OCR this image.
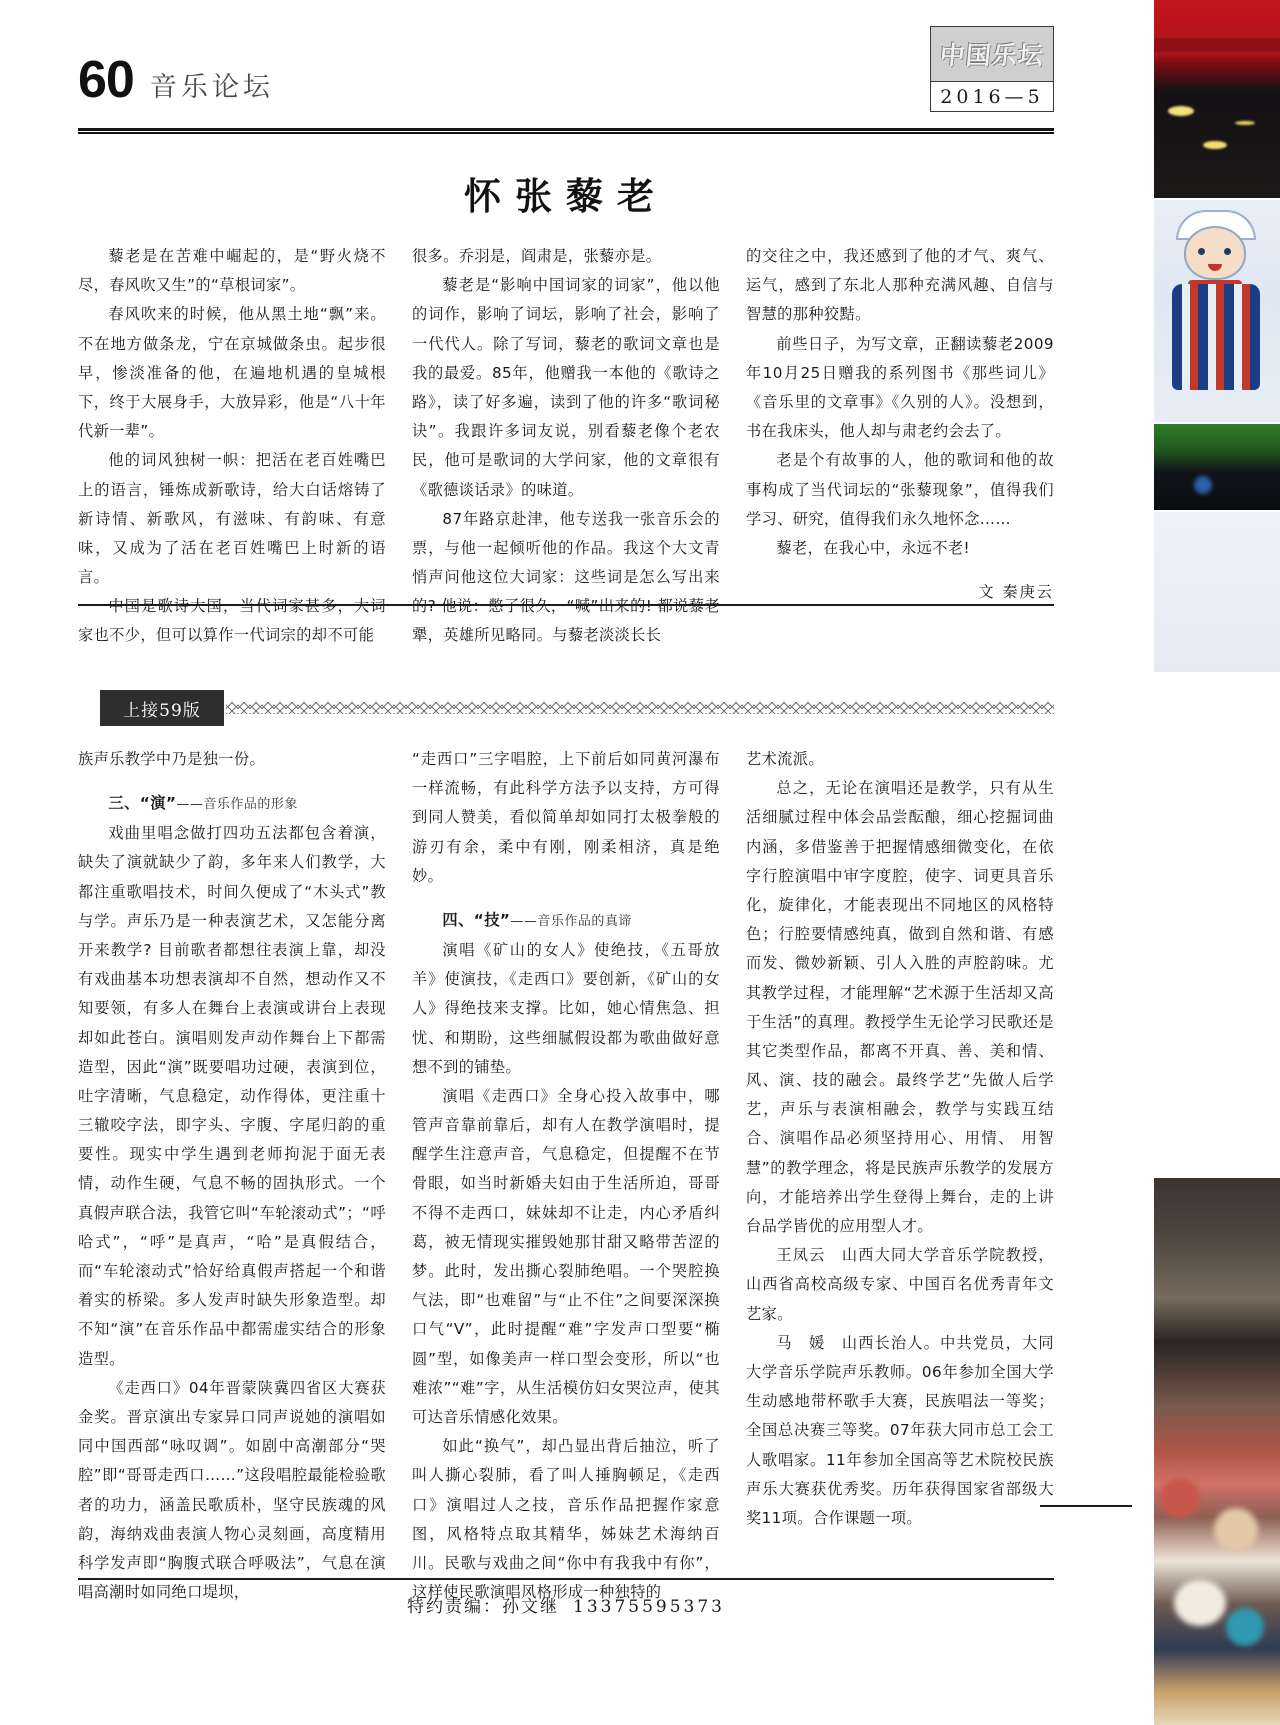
60 音乐论坛
中国乐坛
2016—5
怀张藜老

藜老是在苦难中崛起的，是“野火烧不尽，春风吹又生”的“草根词家”。

春风吹来的时候，他从黑土地“飘”来。不在地方做条龙，宁在京城做条虫。起步很早，惨淡准备的他，在遍地机遇的皇城根下，终于大展身手，大放异彩，他是“八十年代新一辈”。

他的词风独树一帜：把活在老百姓嘴巴上的语言，锤炼成新歌诗，给大白话熔铸了新诗情、新歌风，有滋味、有韵味、有意味，又成为了活在老百姓嘴巴上时新的语言。

中国是歌诗大国，当代词家甚多，大词家也不少，但可以算作一代词宗的却不可能

很多。乔羽是，阎肃是，张藜亦是。

藜老是“影响中国词家的词家”，他以他的词作，影响了词坛，影响了社会，影响了一代代人。除了写词，藜老的歌词文章也是我的最爱。85年，他赠我一本他的《歌诗之路》，读了好多遍，读到了他的许多“歌词秘诀”。我跟许多词友说，别看藜老像个老农民，他可是歌词的大学问家，他的文章很有《歌德谈话录》的味道。

87年路京赴津，他专送我一张音乐会的票，与他一起倾听他的作品。我这个大文青悄声问他这位大词家：这些词是怎么写出来的? 他说：憋了很久，“喊”出来的! 都说藜老犟，英雄所见略同。与藜老淡淡长长

的交往之中，我还感到了他的才气、爽气、运气，感到了东北人那种充满风趣、自信与智慧的那种狡黠。

前些日子，为写文章，正翻读藜老2009年10月25日赠我的系列图书《那些词儿》《音乐里的文章事》《久别的人》。没想到，书在我床头，他人却与肃老约会去了。

老是个有故事的人，他的歌词和他的故事构成了当代词坛的“张藜现象”，值得我们学习、研究，值得我们永久地怀念……

藜老，在我心中，永远不老!

文 秦庚云
上接59版

族声乐教学中乃是独一份。

三、“演”——音乐作品的形象

戏曲里唱念做打四功五法都包含着演，缺失了演就缺少了韵，多年来人们教学，大都注重歌唱技术，时间久便成了“木头式”教与学。声乐乃是一种表演艺术，又怎能分离开来教学? 目前歌者都想往表演上靠，却没有戏曲基本功想表演却不自然，想动作又不知要领，有多人在舞台上表演或讲台上表现却如此苍白。演唱则发声动作舞台上下都需造型，因此“演”既要唱功过硬，表演到位，吐字清晰，气息稳定，动作得体，更注重十三辙咬字法，即字头、字腹、字尾归韵的重要性。现实中学生遇到老师拘泥于面无表情，动作生硬，气息不畅的固执形式。一个真假声联合法，我管它叫“车轮滚动式”；“呼哈式”，“呼”是真声，“哈”是真假结合，而“车轮滚动式”恰好给真假声搭起一个和谐着实的桥梁。多人发声时缺失形象造型。却不知“演”在音乐作品中都需虚实结合的形象造型。

《走西口》04年晋蒙陕冀四省区大赛获金奖。晋京演出专家异口同声说她的演唱如同中国西部“咏叹调”。如剧中高潮部分“哭腔”即“哥哥走西口……”这段唱腔最能检验歌者的功力，涵盖民歌质朴，坚守民族魂的风韵，海纳戏曲表演人物心灵刻画，高度精用科学发声即“胸腹式联合呼吸法”，气息在演唱高潮时如同绝口堤坝，

“走西口”三字唱腔，上下前后如同黄河瀑布一样流畅，有此科学方法予以支持，方可得到同人赞美，看似简单却如同打太极拳般的游刃有余，柔中有刚，刚柔相济，真是绝妙。

四、“技”——音乐作品的真谛

演唱《矿山的女人》使绝技，《五哥放羊》使演技，《走西口》要创新，《矿山的女人》得绝技来支撑。比如，她心情焦急、担忧、和期盼，这些细腻假设都为歌曲做好意想不到的铺垫。

演唱《走西口》全身心投入故事中，哪管声音靠前靠后，却有人在教学演唱时，提醒学生注意声音，气息稳定，但提醒不在节骨眼，如当时新婚夫妇由于生活所迫，哥哥不得不走西口，妹妹却不让走，内心矛盾纠葛，被无情现实摧毁她那甘甜又略带苦涩的梦。此时，发出撕心裂肺绝唱。一个哭腔换气法，即“也难留”与“止不住”之间要深深换口气“V”，此时提醒“难”字发声口型要“椭圆”型，如像美声一样口型会变形，所以“也难浓”“难”字，从生活模仿妇女哭泣声，使其可达音乐情感化效果。

如此“换气”，却凸显出背后抽泣，听了叫人撕心裂肺，看了叫人捶胸顿足，《走西口》演唱过人之技，音乐作品把握作家意图，风格特点取其精华，姊妹艺术海纳百川。民歌与戏曲之间“你中有我我中有你”，这样使民歌演唱风格形成一种独特的

艺术流派。

总之，无论在演唱还是教学，只有从生活细腻过程中体会品尝酝酿，细心挖掘词曲内涵，多借鉴善于把握情感细微变化，在依字行腔演唱中审字度腔，使字、词更具音乐化，旋律化，才能表现出不同地区的风格特色；行腔要情感纯真，做到自然和谐、有感而发、微妙新颖、引人入胜的声腔韵味。尤其教学过程，才能理解“艺术源于生活却又高于生活”的真理。教授学生无论学习民歌还是其它类型作品，都离不开真、善、美和情、风、演、技的融会。最终学艺“先做人后学艺，声乐与表演相融会，教学与实践互结合、演唱作品必须坚持用心、用情、 用智慧”的教学理念，将是民族声乐教学的发展方向，才能培养出学生登得上舞台，走的上讲台品学皆优的应用型人才。

王凤云　山西大同大学音乐学院教授，山西省高校高级专家、中国百名优秀青年文艺家。

马　媛　山西长治人。中共党员，大同大学音乐学院声乐教师。06年参加全国大学生动感地带杯歌手大赛，民族唱法一等奖；全国总决赛三等奖。07年获大同市总工会工人歌唱家。11年参加全国高等艺术院校民族声乐大赛获优秀奖。历年获得国家省部级大奖11项。合作课题一项。

特约责编：孙文继 13375595373
